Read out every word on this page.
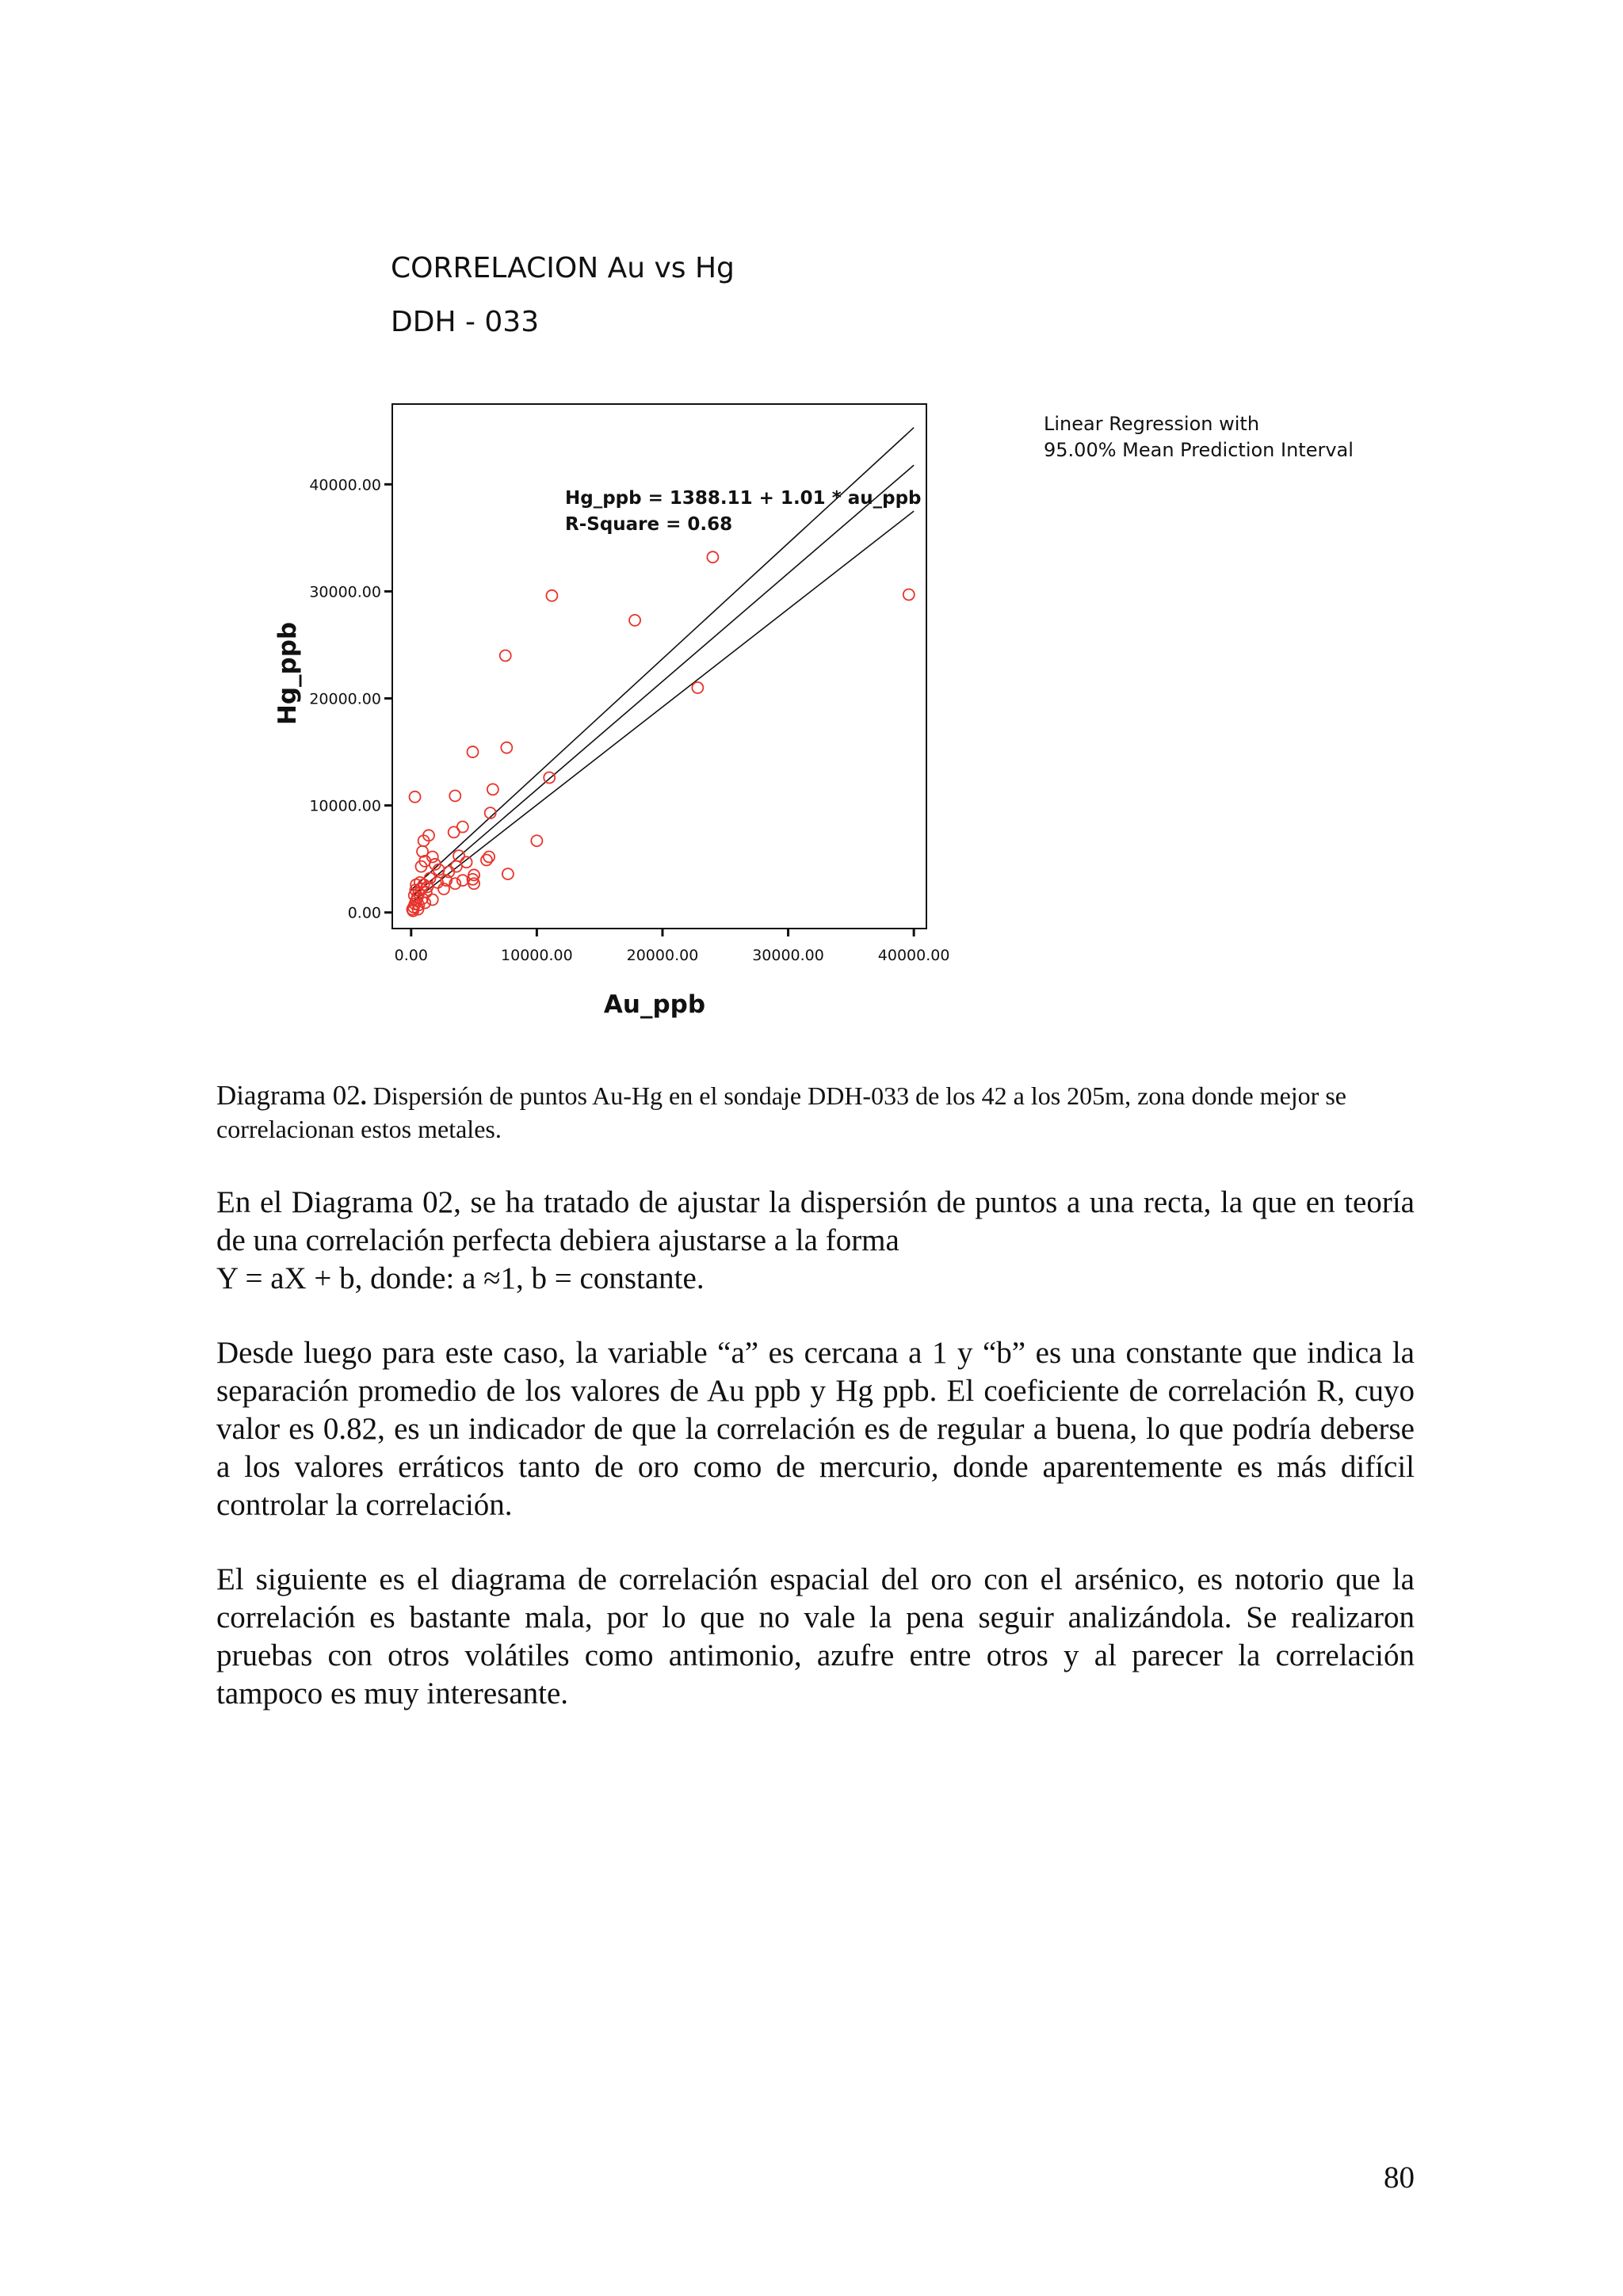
CORRELACION Au vs Hg
DDH - 033
0.00
10000.00
20000.00
30000.00
40000.00
0.00	10000.00	20000.00	30000.00	40000.00
Hg_ppb
Au_ppb
Hg_ppb = 1388.11 + 1.01 * au_ppb
R-Square = 0.68
Linear Regression with
95.00% Mean Prediction Interval
Diagrama 02. Dispersión de puntos Au-Hg en el sondaje DDH-033 de los 42 a los 205m, zona donde mejor se correlacionan estos metales.
En el Diagrama 02, se ha tratado de ajustar la dispersión de puntos a una recta, la que en teoría de una correlación perfecta debiera ajustarse a la forma
Y = aX + b, donde: a ≈1, b = constante.

Desde luego para este caso, la variable “a” es cercana a 1 y “b” es una constante que indica la separación promedio de los valores de Au ppb y Hg ppb. El coeficiente de correlación R, cuyo valor es 0.82, es un indicador de que la correlación es de regular a buena, lo que podría deberse a los valores erráticos tanto de oro como de mercurio, donde aparentemente es más difícil controlar la correlación.

El siguiente es el diagrama de correlación espacial del oro con el arsénico, es notorio que la correlación es bastante mala, por lo que no vale la pena seguir analizándola. Se realizaron pruebas con otros volátiles como antimonio, azufre entre otros y al parecer la correlación tampoco es muy interesante.

80
